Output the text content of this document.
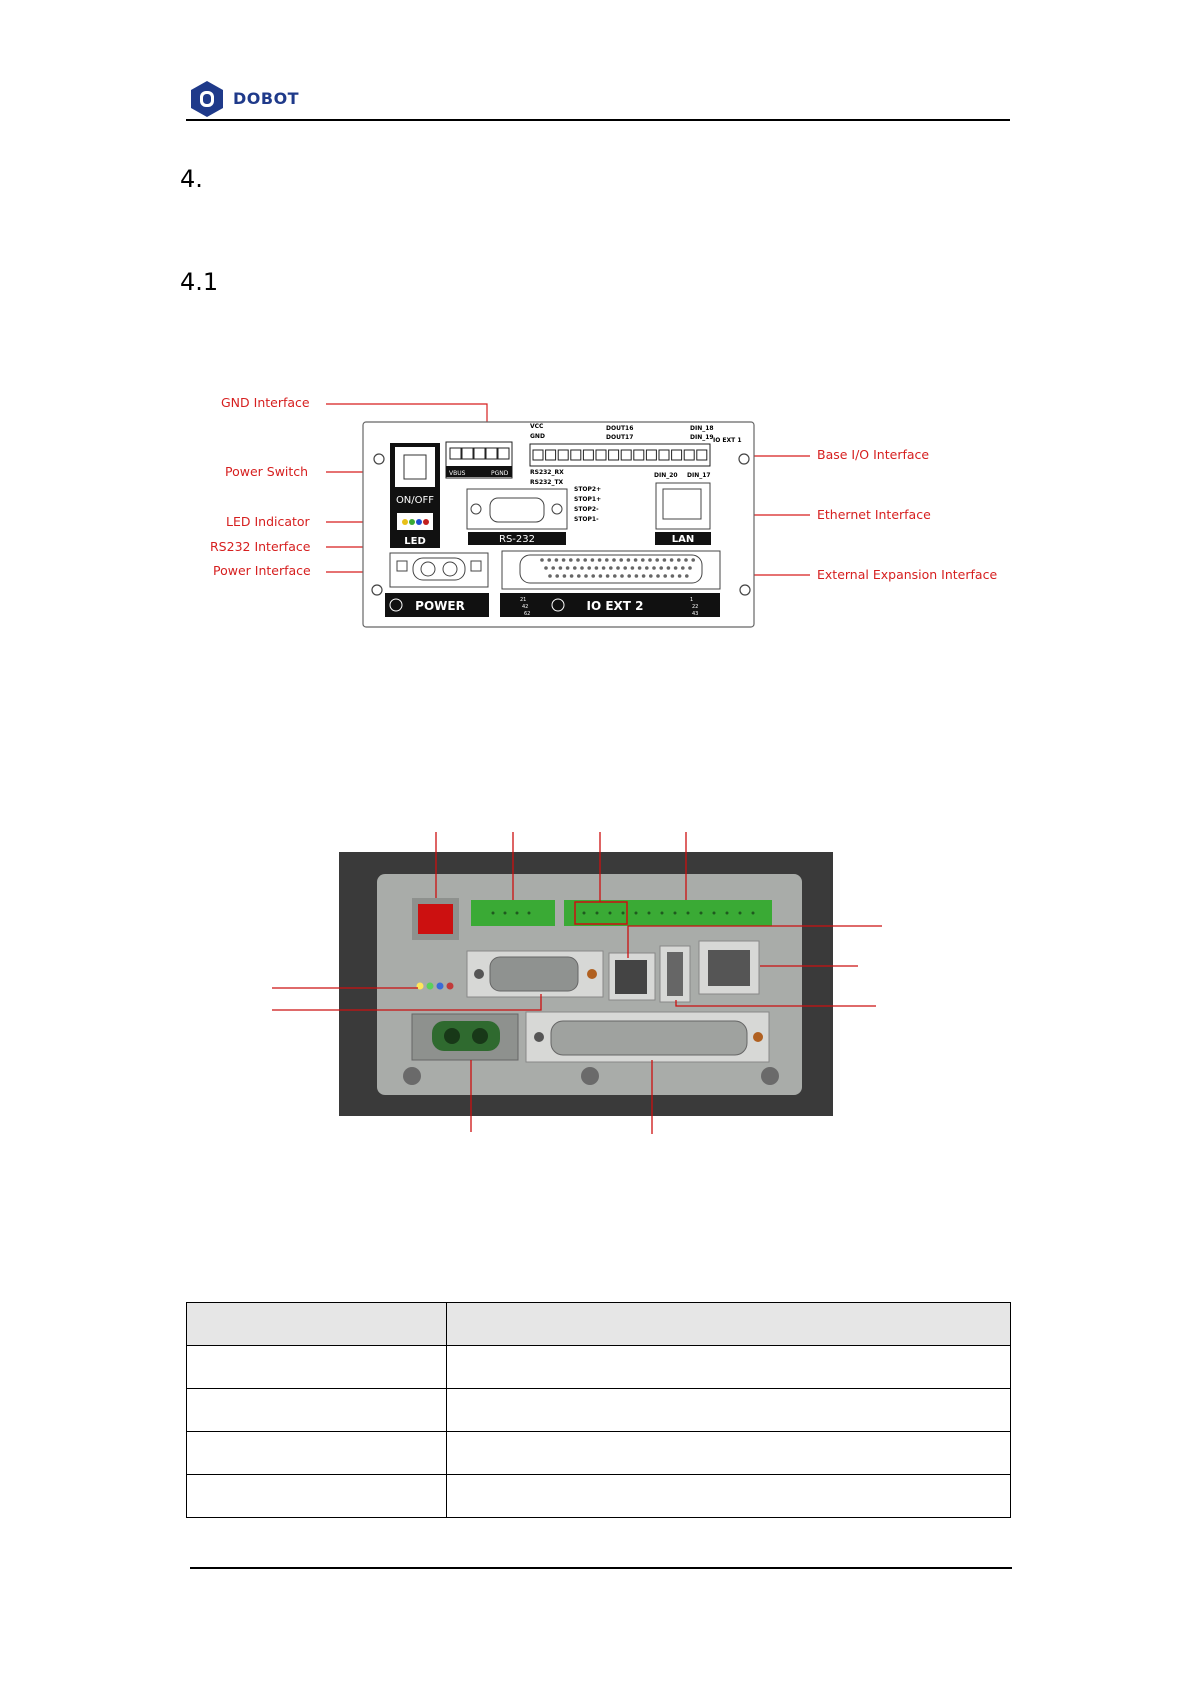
DOBOT
4.
4.1
GND Interface
Power Switch
LED Indicator
RS232 Interface
Power Interface
Base I/O Interface
Ethernet Interface
External Expansion Interface
ON/OFF
LED
VBUS	PGND
VCC
GND
DOUT16
DOUT17
DIN_18
DIN_19 IO EXT 1
RS232_RX
RS232_TX
STOP2+
STOP1+
STOP2-
STOP1-
DIN_20 DIN_17
RS-232	LAN
POWER	IO EXT 2
21
42
62
1
22
43
